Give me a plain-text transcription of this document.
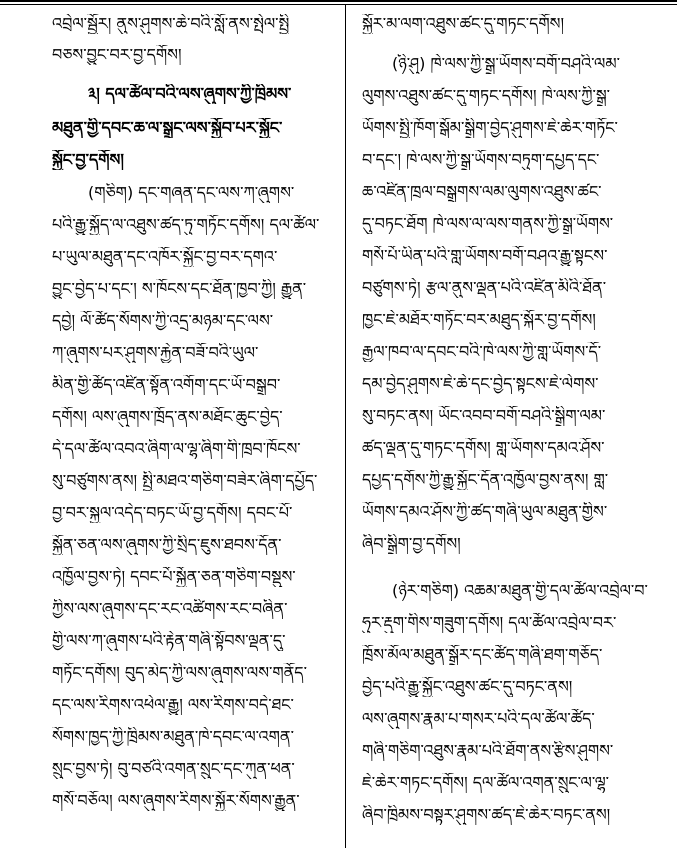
འབྲེལ་སྦྱོར། ནུས་ཤུགས་ཆེ་བའི་སློ་ནས་སྤེལ་སྤྱི
བཅས་བྱུང་བར་བྱ་དགོས།
༣། དལ་ཚོལ་བའི་ལས་ཞུགས་ཀྱི་ཁྲིམས་
མཐུན་གྱི་དབང་ཆ་ལ་སྒྲུང་ལས་སྐྱོབ་པར་སྐྱོང་
སྐྱོང་བྱ་དགོས།
(གཅིག) དང་གཞན་དང་ལས་ཀ་ཞུགས་
པའི་རྒྱུ་སྐྱོད་ལ་འཐུས་ཚད་ཏུ་གཏོང་དགོས། དལ་ཚོལ་
པ་ཡུལ་མཐུན་དང་འཁོར་སྐྱོང་བྱ་བར་དགའ་
བྱུང་བྱེད་པ་དང་། ས་ཁོངས་དང་ཐོན་ཁྱབ་ཀྱི། རྒྱུན་
དབྱེ། ལོ་ཚོད་སོགས་ཀྱི་འདྲ་མཉམ་དང་ལས་
ཀ་ཞུགས་པར་ཤུགས་རྐྱེན་བཟོ་བའི་ཡུལ་
མིན་གྱི་ཚོད་འཛིན་སྟོན་འགོག་དང་ཡོ་བསྒྲུབ་
དགོས། ལས་ཞུགས་ཁྲོད་ནས་མཐོང་ཆུང་བྱེད་
དེ་དལ་ཚོལ་འབའ་ཞིག་ལ་ལྷ་ཞིག་གི་ཁྲབ་ཁོངས་
སུ་བཙུགས་ནས། སྤྱི་མཐའ་གཅིག་བཟེར་ཞིག་དཔྱོད་
བྱ་བར་སྐྱལ་འདེད་བཏང་ཡོ་བྱ་དགོས། དབང་པོ་
སྐྱོན་ཅན་ལས་ཞུགས་ཀྱི་སྲིད་ཇུས་ཐབས་དོན་
འཁྱོལ་བྱས་ཏེ། དབང་པོ་སྐྱོན་ཅན་གཅིག་བསྡུས་
ཀྱིས་ལས་ཞུགས་དང་རང་འཚིགས་རང་བཞིན་
གྱི་ལས་ཀ་ཞུགས་པའི་རྟེན་གཞི་སྟོབས་ལྡན་དུ་
གཏོང་དགོས། བུད་མེད་ཀྱི་ལས་ཞུགས་ལས་གནོད་
དང་ལས་རིགས་འཕེལ་རྒྱུ། ལས་རིགས་བདེ་ཐང་
སོགས་ཁྱད་ཀྱི་ཁྲིམས་མཐུན་ཁེ་དབང་ལ་འགན་
སྲུང་བྱས་ཏེ། བུ་བཙའི་འགན་སྲུང་དང་ཀུན་ཕན་
གསོ་བཅོལ། ལས་ཞུགས་རིགས་སྐྱོར་སོགས་རྒྱུན་
སྐྱོར་མ་ལག་འཐུས་ཚང་དུ་གཏང་དགོས།
(ཉི་ཤུ) ཁེ་ལས་ཀྱི་སྒྲ་ཡོགས་བགོ་བཤའི་ལམ་
ལུགས་འཐུས་ཚང་དུ་གཏང་དགོས། ཁེ་ལས་ཀྱི་སྒྲ་
ཡོགས་སྤྱི་ཁོག་སྒོམ་སྒྲིག་བྱེད་ཤུགས་ཇེ་ཆེར་གཏོང་
བ་དང་། ཁེ་ལས་ཀྱི་སྒྲ་ཡོགས་བཏུག་དཔྱད་དང་
ཆ་འཛིན་ཁྲལ་བསྒྲུགས་ལམ་ལུགས་འཐུས་ཚང་
དུ་བཏང་ཐོག ཁེ་ལས་ལ་ལས་གནས་ཀྱི་སྒྲ་ཡོགས་
གསོ་པོ་ཡིན་པའི་གླ་ཡོགས་བགོ་བཤའ་རྒྱུ་སྟངས་
བཙུགས་ཏེ། རྩལ་ནུས་ལྡན་པའི་འཛིན་མིའི་ཐོན་
ཁྱང་ཇེ་མཐོར་གཏོང་བར་མཐུད་སྐོར་བྱ་དགོས།
རྒྱལ་ཁབ་ལ་དབང་བའི་ཁེ་ལས་ཀྱི་གླ་ཡོགས་དོ་
དམ་བྱེད་ཤུགས་ཇེ་ཆེ་དང་བྱེད་སྟངས་ཇེ་ལེགས་
སུ་བཏང་ནས། ཡོང་འབབ་བགོ་བཤའི་སྒྲིག་ལམ་
ཚད་ལྡན་དུ་གཏང་དགོས། གླ་ཡོགས་དམའ་ཤོས་
དཔྱད་དགོས་ཀྱི་རྒྱུ་སྐྱོང་དོན་འཁྱོལ་བྱས་ནས། གླ་
ཡོགས་དམའ་ཤོས་ཀྱི་ཚད་གཞི་ཡུལ་མཐུན་གྱིས་
ཞིབ་སྒྲིག་བྱ་དགོས།
(ཉེར་གཅིག) འཆམ་མཐུན་གྱི་དལ་ཚོལ་འབྲེལ་བ་
ཧུར་རྡུག་གིས་གཟུག་དགོས། དལ་ཚོལ་འབྲེལ་བར་
ཁྲོས་མོལ་མཐུན་སྒྲོར་དང་ཚོད་གཞི་ཐག་གཅོད་
བྱེད་པའི་རྒྱུ་སྐྱོང་འཐུས་ཚང་དུ་བཏང་ནས།
ལས་ཞུགས་རྣམ་པ་གསར་པའི་དལ་ཚོལ་ཚོད་
གཞི་གཅིག་འཐུས་རྣམ་པའི་ཐོག་ནས་རྩིས་ཤུགས་
ཇེ་ཆེར་གཏང་དགོས། དལ་ཚོལ་འགན་སྲུང་ལ་ལྷ་
ཞིབ་ཁྲིམས་བསྟར་ཤུགས་ཚད་ཇེ་ཆེར་བཏང་ནས།
